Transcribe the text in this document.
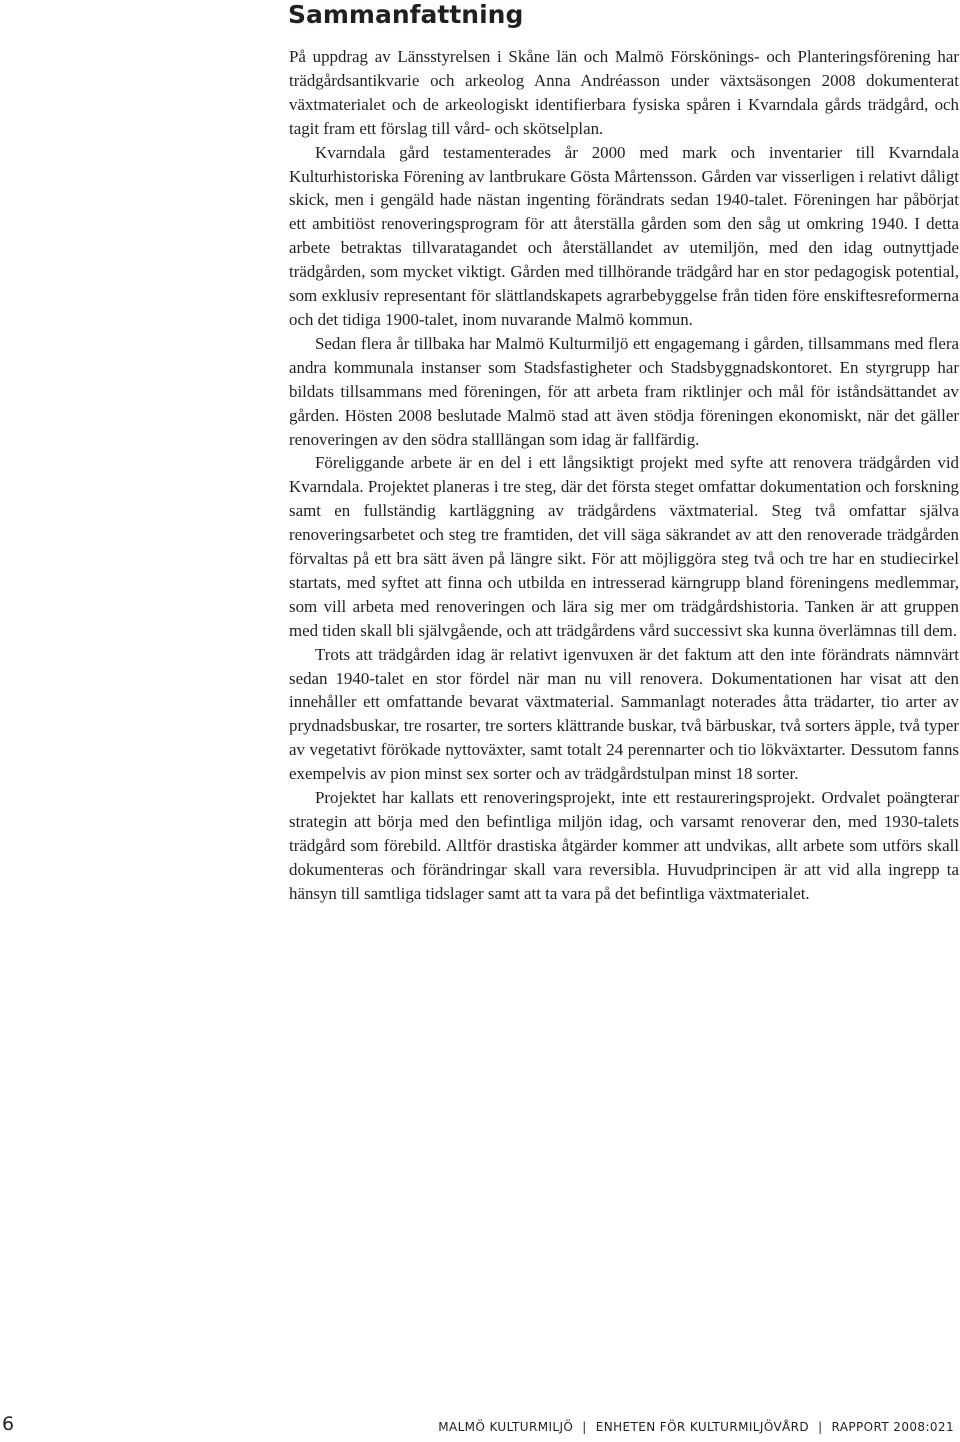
Sammanfattning

På uppdrag av Länsstyrelsen i Skåne län och Malmö Förskönings- och Planteringsförening har trädgårdsantikvarie och arkeolog Anna Andréasson under växtsäsongen 2008 dokumenterat växtmaterialet och de arkeologiskt identifierbara fysiska spåren i Kvarndala gårds trädgård, och tagit fram ett förslag till vård- och skötselplan.

Kvarndala gård testamenterades år 2000 med mark och inventarier till Kvarndala Kulturhistoriska Förening av lantbrukare Gösta Mårtensson. Gården var visserligen i relativt dåligt skick, men i gengäld hade nästan ingenting förändrats sedan 1940-talet. Föreningen har påbörjat ett ambitiöst renoveringsprogram för att återställa gården som den såg ut omkring 1940. I detta arbete betraktas tillvaratagandet och återställandet av utemiljön, med den idag outnyttjade trädgården, som mycket viktigt. Gården med tillhörande trädgård har en stor pedagogisk potential, som exklusiv representant för slättlandskapets agrarbebyggelse från tiden före enskiftesreformerna och det tidiga 1900-talet, inom nuvarande Malmö kommun.

Sedan flera år tillbaka har Malmö Kulturmiljö ett engagemang i gården, tillsammans med flera andra kommunala instanser som Stadsfastigheter och Stadsbyggnadskontoret. En styrgrupp har bildats tillsammans med föreningen, för att arbeta fram riktlinjer och mål för iståndsättandet av gården. Hösten 2008 beslutade Malmö stad att även stödja föreningen ekonomiskt, när det gäller renoveringen av den södra stalllängan som idag är fallfärdig.

Föreliggande arbete är en del i ett långsiktigt projekt med syfte att renovera trädgården vid Kvarndala. Projektet planeras i tre steg, där det första steget omfattar dokumentation och forskning samt en fullständig kartläggning av trädgårdens växtmaterial. Steg två omfattar själva renoveringsarbetet och steg tre framtiden, det vill säga säkrandet av att den renoverade trädgården förvaltas på ett bra sätt även på längre sikt. För att möjliggöra steg två och tre har en studiecirkel startats, med syftet att finna och utbilda en intresserad kärngrupp bland föreningens medlemmar, som vill arbeta med renoveringen och lära sig mer om trädgårdshistoria. Tanken är att gruppen med tiden skall bli självgående, och att trädgårdens vård successivt ska kunna överlämnas till dem.

Trots att trädgården idag är relativt igenvuxen är det faktum att den inte förändrats nämnvärt sedan 1940-talet en stor fördel när man nu vill renovera. Dokumentationen har visat att den innehåller ett omfattande bevarat växtmaterial. Sammanlagt noterades åtta trädarter, tio arter av prydnadsbuskar, tre rosarter, tre sorters klättrande buskar, två bärbuskar, två sorters äpple, två typer av vegetativt förökade nyttoväxter, samt totalt 24 perennarter och tio lökväxtarter. Dessutom fanns exempelvis av pion minst sex sorter och av trädgårdstulpan minst 18 sorter.

Projektet har kallats ett renoveringsprojekt, inte ett restaureringsprojekt. Ordvalet poängterar strategin att börja med den befintliga miljön idag, och varsamt renoverar den, med 1930-talets trädgård som förebild. Alltför drastiska åtgärder kommer att undvikas, allt arbete som utförs skall dokumenteras och förändringar skall vara reversibla. Huvudprincipen är att vid alla ingrepp ta hänsyn till samtliga tidslager samt att ta vara på det befintliga växtmaterialet.

6	MALMÖ KULTURMILJÖ | ENHETEN FÖR KULTURMILJÖVÅRD | RAPPORT 2008:021
